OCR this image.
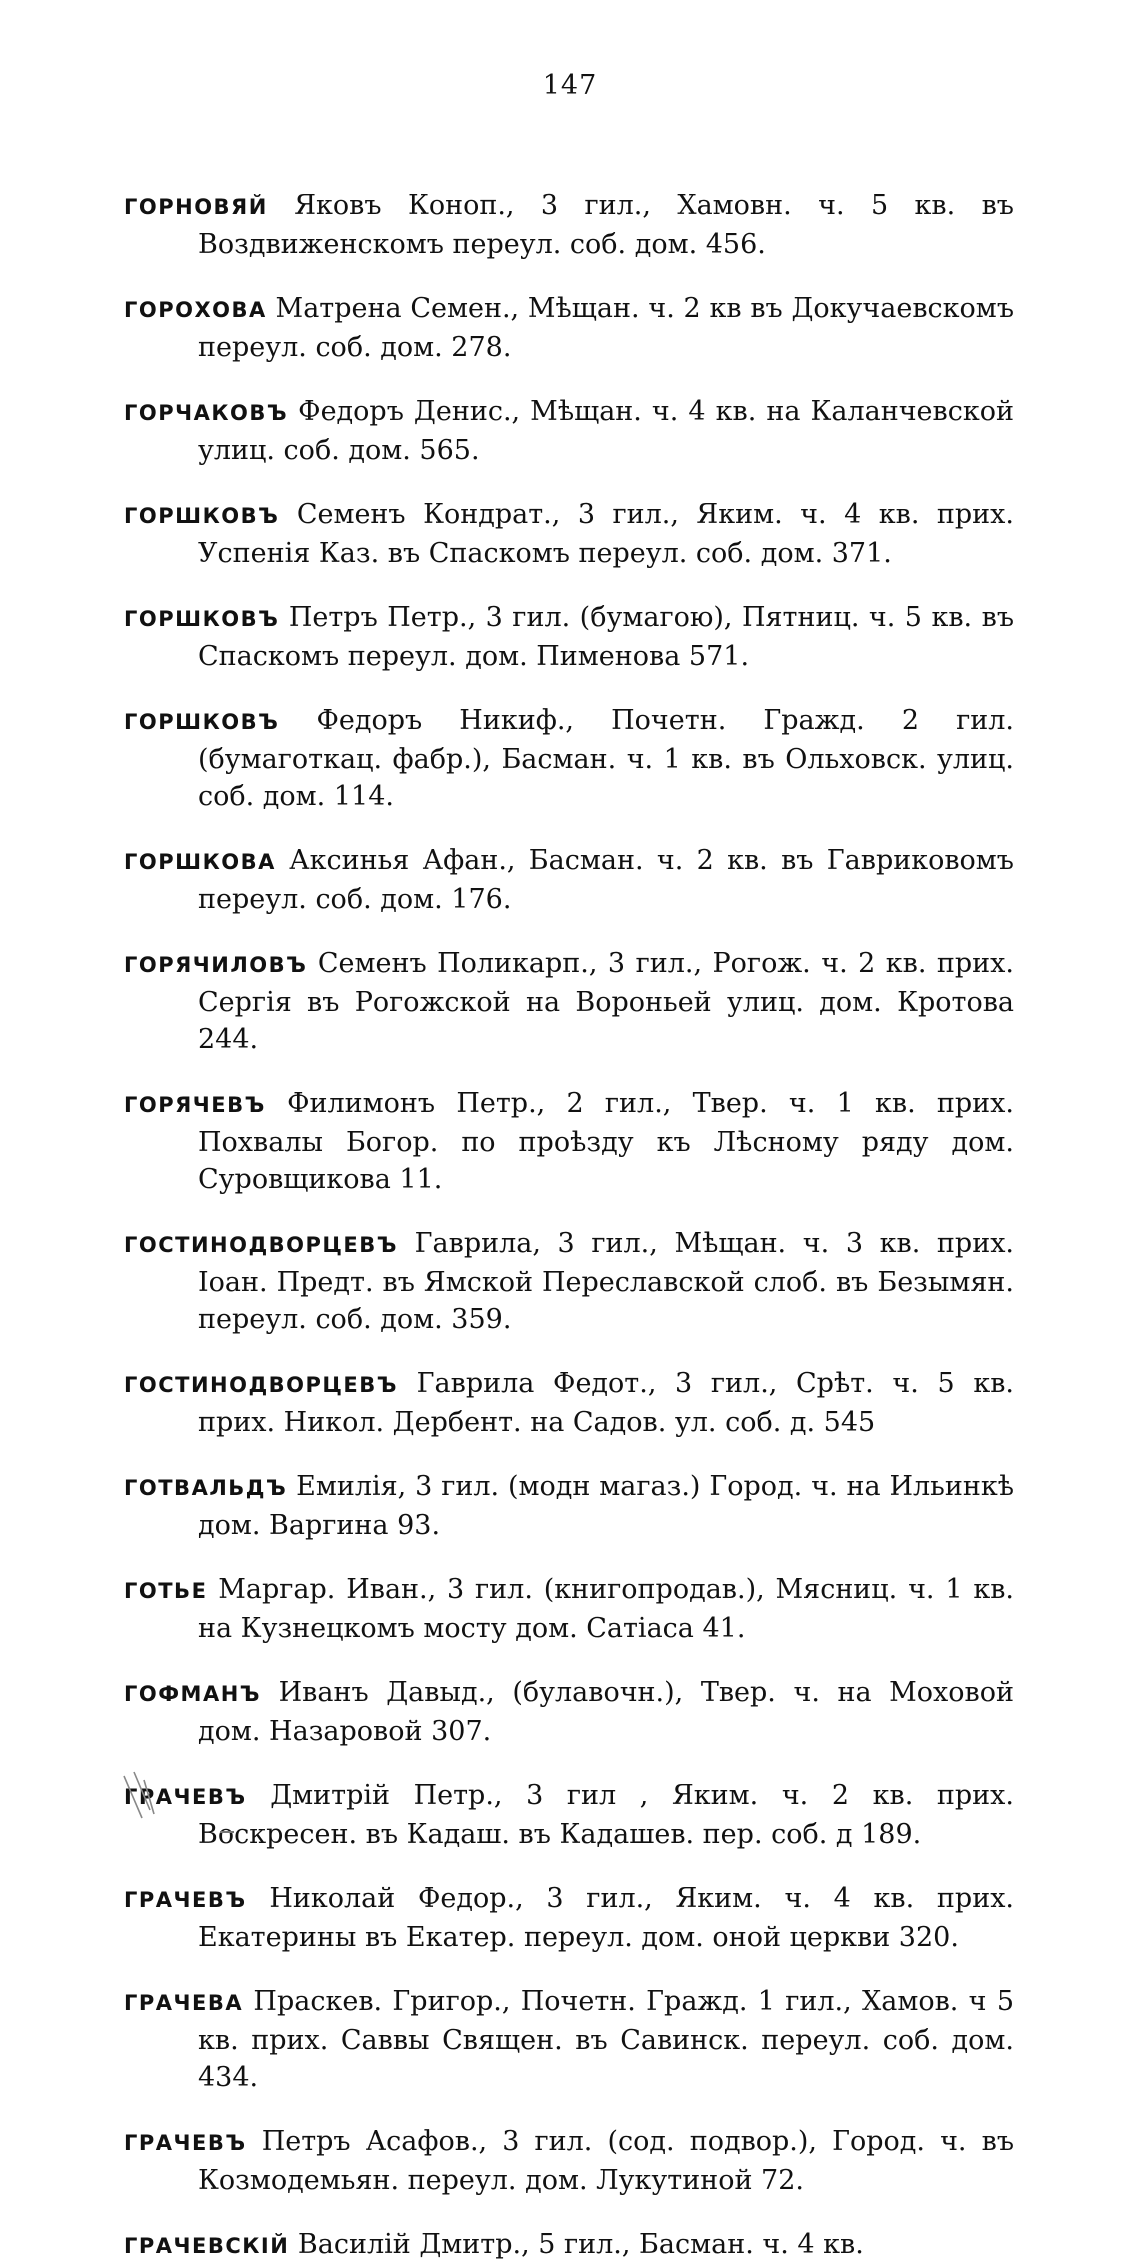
147

ГОРНОВЯЙ Яковъ Коноп., 3 гил., Хамовн. ч. 5 кв. въ Воздвиженскомъ переул. соб. дом. 456.

ГОРОХОВА Матрена Семен., Мѣщан. ч. 2 кв въ Докучаевскомъ переул. соб. дом. 278.

ГОРЧАКОВЪ Федоръ Денис., Мѣщан. ч. 4 кв. на Каланчевской улиц. соб. дом. 565.

ГОРШКОВЪ Семенъ Кондрат., 3 гил., Яким. ч. 4 кв. прих. Успенія Каз. въ Спаскомъ переул. соб. дом. 371.

ГОРШКОВЪ Петръ Петр., 3 гил. (бумагою), Пятниц. ч. 5 кв. въ Спаскомъ переул. дом. Пименова 571.

ГОРШКОВЪ Федоръ Никиф., Почетн. Гражд. 2 гил. (бумаготкац. фабр.), Басман. ч. 1 кв. въ Ольховск. улиц. соб. дом. 114.

ГОРШКОВА Аксинья Афан., Басман. ч. 2 кв. въ Гавриковомъ переул. соб. дом. 176.

ГОРЯЧИЛОВЪ Семенъ Поликарп., 3 гил., Рогож. ч. 2 кв. прих. Сергія въ Рогожской на Вороньей улиц. дом. Кротова 244.

ГОРЯЧЕВЪ Филимонъ Петр., 2 гил., Твер. ч. 1 кв. прих. Похвалы Богор. по проѣзду къ Лѣсному ряду дом. Суровщикова 11.

ГОСТИНОДВОРЦЕВЪ Гаврила, 3 гил., Мѣщан. ч. 3 кв. прих. Іоан. Предт. въ Ямской Переславской слоб. въ Безымян. переул. соб. дом. 359.

ГОСТИНОДВОРЦЕВЪ Гаврила Федот., 3 гил., Срѣт. ч. 5 кв. прих. Никол. Дербент. на Садов. ул. соб. д. 545

ГОТВАЛЬДЪ Емилія, 3 гил. (модн магаз.) Город. ч. на Ильинкѣ дом. Варгина 93.

ГОТЬЕ Маргар. Иван., 3 гил. (книгопродав.), Мясниц. ч. 1 кв. на Кузнецкомъ мосту дом. Сатіаса 41.

ГОФМАНЪ Иванъ Давыд., (булавочн.), Твер. ч. на Моховой дом. Назаровой 307.

ГРАЧЕВЪ Дмитрій Петр., 3 гил , Яким. ч. 2 кв. прих. Воскресен. въ Кадаш. въ Кадашев. пер. соб. д 189.

ГРАЧЕВЪ Николай Федор., 3 гил., Яким. ч. 4 кв. прих. Екатерины въ Екатер. переул. дом. оной церкви 320.

ГРАЧЕВА Праскев. Григор., Почетн. Гражд. 1 гил., Хамов. ч 5 кв. прих. Саввы Священ. въ Савинск. переул. соб. дом. 434.

ГРАЧЕВЪ Петръ Асафов., 3 гил. (сод. подвор.), Город. ч. въ Козмодемьян. переул. дом. Лукутиной 72.

ГРАЧЕВСКІЙ Василій Дмитр., 5 гил., Басман. ч. 4 кв.
